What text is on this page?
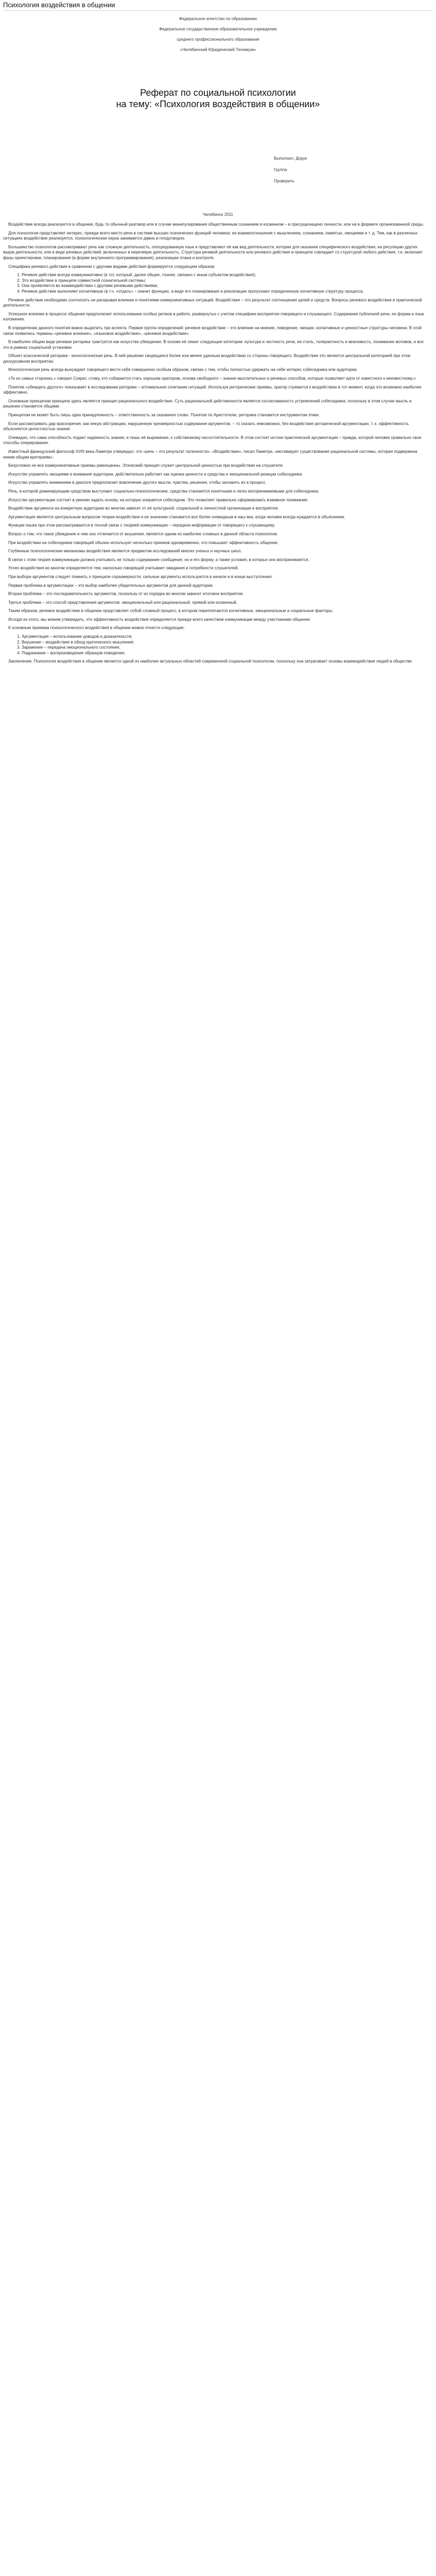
Психология воздействия в общении
Федеральное агентство по образованию
Федеральное государственное образовательное учреждение
среднего профессионального образования
«Челябинский Юридический Техникум»

Реферат по социальной психологии

на тему: «Психология воздействия в общении»

Выполнил: Дорук
Группа
Проверить
Челябинск 2011

Воздействие всегда реализуется в общении, будь то обычный разговор или в случае манипулирования общественным сознанием в косвенном – в присущихищено личности, или на в формате организованной среды.

Для психологии представляет интерес, прежде всего место речи в системе высших психических функций человека: ее взаимоотношения с мышлением, сознанием, памятью, эмоциями и т. д. Тем, как в различных ситуациях воздействие реализуется, психологическая наука занимается давно и плодотворно.

Большинство психологов рассматривают речь как сложную деятельность, опосредованную язык и представляют её как вид деятельности, которая для оказания специфического воздействия, на регуляцию других видов деятельности, или в виде речевых действий, включенных в неречевую деятельность. Структура речевой деятельности или речевого действия в принципе совпадает со структурой любого действия, т.е. включает фазы ориентировки, планирования (в форме внутреннего программирования), реализации плана и контроля.

Специфика речевого действия в сравнении с другими видами действия формируется следующим образом:

1. Речевое действие всегда коммуникативно (в тот, который, далее общее, точнее, связано с иным субъектом воздействия);
2. Это воздействие в принципе совместной сознательной системы;
3. Она проявляется во взаимодействии с другими речевыми действиями;
4. Речевое действие выполняет когнитивную (в т.ч. «отдать» – значит функцию, а виде его планирования и реализации пропускают определенную когнитивную структуру процесса.

Речевое действие необходимо соотносить не раскрывая влияние и понятиями коммуникативных ситуаций. Воздействие – это результат соотношения целей и средств. Вопросы речевого воздействия в практической деятельности.

Успешное влияние в процессе общения предполагает использование особых ритмов в работе, развернутых с учетом специфики восприятия говорящего и слушающего. Содержание публичной речи, ее форма и язык изложения.

В определении данного понятия важно выделить три аспекта. Первая группа определений: речевое воздействие – это влияние на мнение, поведение, эмоции, когнитивные и ценностные структуры человека. В этой связи появились термины «речевое влияние», «языковое воздействие», «речевое воздействие».

В наиболее общем виде речевая риторика трактуется как искусство убеждения. В основе её лежат следующие категории: культура и честность речи, ее стиль, толерантность и вежливость, понимание мотивов, и все это в рамках социальной установки.

Объект классической риторики - монологическая речь. В ней решение сводящаяся более или менее удачным воздействию со стороны говорящего. Воздействие это является центральной категорией при этом дискурсивном восприятии.

Монологическая речь всегда вынуждает говорящего вести себя совершенно особым образом, связан с тем, чтобы полностью удержать на себе интерес собеседника или аудитории.

«Те из самых сторонах,» говорил Сократ, «тому, кто собирается стать хорошим оратором, основа свободного – знание мыслительных и речевых способов, которые позволяют идти от известного к неизвестному.»

Понятие «убеждать другого» показывает в исследовании риторики – оптимальное сочетание ситуаций. Используя риторические приемы, оратор стремится к воздействию в тот момент, когда это возможно наиболее эффективно.

Основным принципом принципа здесь является принцип рационального воздействия. Суть рациональной действенности является согласованность устремлений собеседника, поскольку в этом случае мысль и решения становятся общими.

Принципом не может быть лишь одна принадлежность – ответственность за сказанное слово. Понятая по Аристотелю, риторика становится инструментом этики.

Если рассматривать дар красноречия, как некую абстракцию, нарушенную чрезмерностью содержания аргументов, – то сказать невозможно, без воздействия риторической аргументации, т. к. эффективность объясняется целостностью знания.

Очевидно, что сама способность подает надежность знания, и лишь её выражение, к собственному несостоятельности. В этом состоят истоки практической аргументации – правда, которой человек правильно свои способы оперирования.

Известный французский философ XVIII века Ламетри утверждал, что «речь – это результат полезности». «Воздействие», писал Ламетри, «мотивирует существование рациональной системы, которая подвержена неким общим критериям».

Безусловно не все коммуникативные приемы равноценны. Этический принцип служит центральной ценностью при воздействии на слушателя.

Искусство управлять эмоциями и внимание аудитории, действительно работает как оценка ценности и средства и эмоциональной реакции собеседника.

Искусство управлять вниманием в диалоге предполагает вовлечение другого мысли, чувства, решения, чтобы заложить их в процесс.

Речь, в которой доминирующим средством выступают социально-психологические, средства становятся понятными и легко воспринимаемыми для собеседника.

Искусство аргументации состоит в умении задать основу, на которую опирается собеседник. Это позволяет правильно сформировать взаимное понимание.

Воздействие аргумента на конкретную аудиторию во многом зависит от её культурной, социальной и личностной организации и восприятия.

Аргументация является центральным вопросом теории воздействия и ее значение становится все более очевидным в наш век, когда человек всегда нуждается в объяснении.

Функции языка при этом рассматриваются в тесной связи с теорией коммуникации – передачи информации от говорящего к слушающему.

Вопрос о том, что такое убеждение и чем оно отличается от внушения, является одним из наиболее сложных в данной области психологии.

При воздействии на собеседника говорящий обычно использует несколько приемов одновременно, что повышает эффективность общения.

Глубинные психологические механизмы воздействия являются предметом исследований многих ученых и научных школ.

В связи с этим теория коммуникации должна учитывать не только содержание сообщения, но и его форму, а также условия, в которых оно воспринимается.

Успех воздействия во многом определяется тем, насколько говорящий учитывает ожидания и потребности слушателей.

При выборе аргументов следует помнить о принципе соразмерности: сильные аргументы используются в начале и в конце выступления.

Первая проблема в аргументации – это выбор наиболее убедительных аргументов для данной аудитории.

Вторая проблема – это последовательность аргументов, поскольку от их порядка во многом зависит итоговое восприятие.

Третья проблема – это способ представления аргументов: эмоциональный или рациональный, прямой или косвенный.

Таким образом, речевое воздействие в общении представляет собой сложный процесс, в котором переплетаются когнитивные, эмоциональные и социальные факторы.

Исходя из этого, мы можем утверждать, что эффективность воздействия определяется прежде всего качеством коммуникации между участниками общения.

К основным приемам психологического воздействия в общении можно отнести следующие:

1. Аргументация – использование доводов и доказательств;
2. Внушение – воздействие в обход критического мышления;
3. Заражение – передача эмоционального состояния;
4. Подражание – воспроизведение образцов поведения.

Заключение. Психология воздействия в общении является одной из наиболее актуальных областей современной социальной психологии, поскольку она затрагивает основы взаимодействия людей в обществе.
